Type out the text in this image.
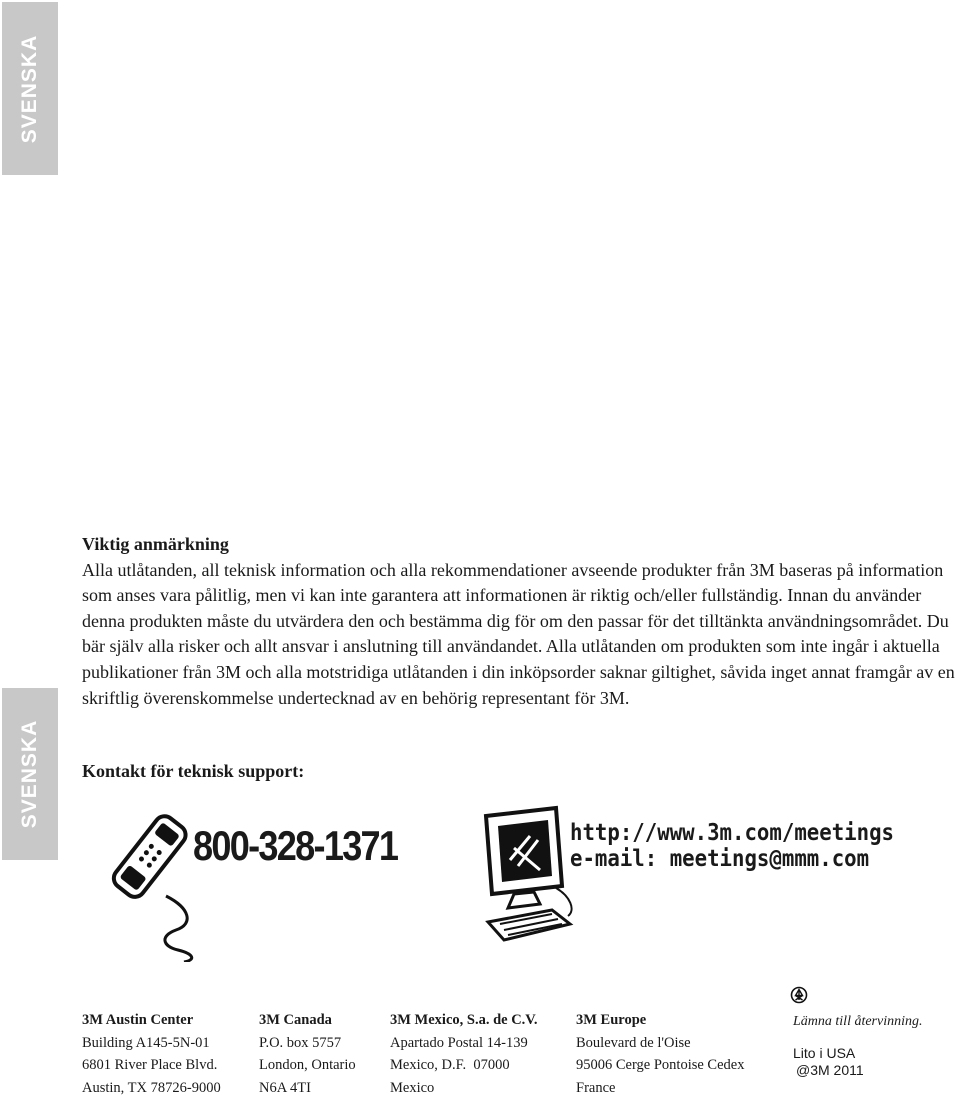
SVENSKA
SVENSKA
Viktig anmärkning

Alla utlåtanden, all teknisk information och alla rekommendationer avseende produkter från 3M baseras på information som anses vara pålitlig, men vi kan inte garantera att informationen är riktig och/eller fullständig. Innan du använder denna produkten måste du utvärdera den och bestämma dig för om den passar för det tilltänkta användningsområdet. Du bär själv alla risker och allt ansvar i anslutning till användandet. Alla utlåtanden om produkten som inte ingår i aktuella publikationer från 3M och alla motstridiga utlåtanden i din inköpsorder saknar giltighet, såvida inget annat framgår av en skriftlig överenskommelse undertecknad av en behörig representant för 3M.

Kontakt för teknisk support:
800-328-1371	http://www.3m.com/meetings
e-mail: meetings@mmm.com
3M Austin Center
Building A145-5N-01
6801 River Place Blvd.
Austin, TX 78726-9000
3M Canada
P.O. box 5757
London, Ontario
N6A 4TI
3M Mexico, S.a. de C.V.
Apartado Postal 14-139
Mexico, D.F.  07000
Mexico
3M Europe
Boulevard de l'Oise
95006 Cerge Pontoise Cedex
France
Lämna till återvinning.
Lito i USA
@3M 2011
